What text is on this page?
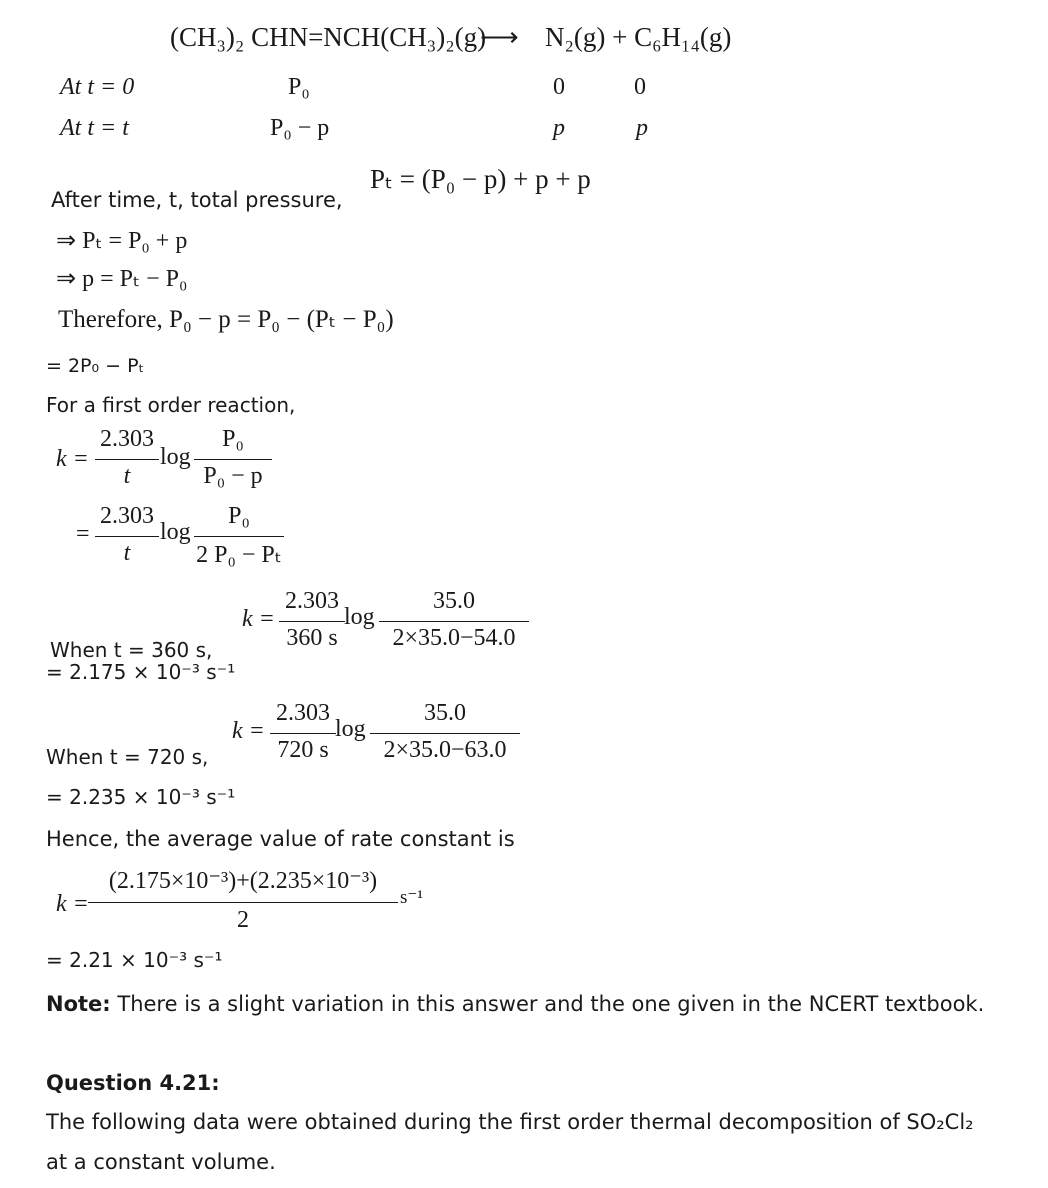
(CH₃)₂ CHN=NCH(CH₃)₂(g)
⟶ N₂(g) + C₆H₁₄(g)
At t = 0	P₀	0	0
At t = t	P₀ − p	p	p
Pₜ = (P₀ − p) + p + p
After time, t, total pressure,
⇒ Pₜ = P₀ + p
⇒ p = Pₜ − P₀
Therefore, P₀ − p = P₀ − (Pₜ − P₀)
= 2P₀ − Pₜ
For a first order reaction,
k =
2.303
t
log
P₀
P₀ − p
=
2.303
t
log
P₀
2 P₀ − Pₜ
k =
2.303
360 s
log
35.0
2×35.0−54.0
When t = 360 s,
= 2.175 × 10⁻³ s⁻¹
k =
2.303
720 s
log
35.0
2×35.0−63.0
When t = 720 s,
= 2.235 × 10⁻³ s⁻¹
Hence, the average value of rate constant is
k =
(2.175×10⁻³)+(2.235×10⁻³)
2
s⁻¹
= 2.21 × 10⁻³ s⁻¹
Note: There is a slight variation in this answer and the one given in the NCERT textbook.
Question 4.21:
The following data were obtained during the first order thermal decomposition of SO₂Cl₂
at a constant volume.
